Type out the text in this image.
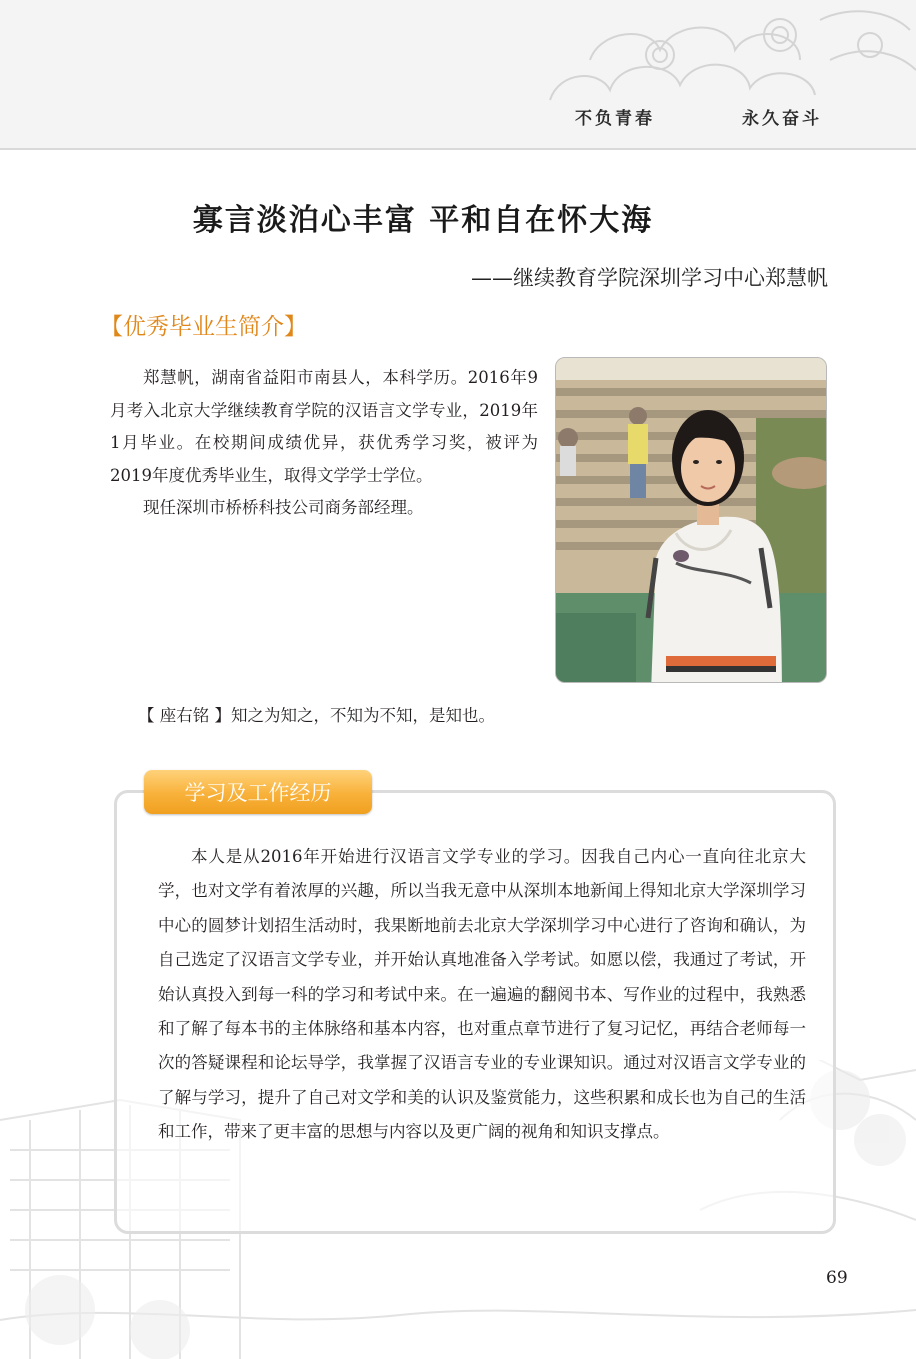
不负青春	永久奋斗
寡言淡泊心丰富 平和自在怀大海
——继续教育学院深圳学习中心郑慧帆
【优秀毕业生简介】

郑慧帆，湖南省益阳市南县人，本科学历。2016年9月考入北京大学继续教育学院的汉语言文学专业，2019年1月毕业。在校期间成绩优异，获优秀学习奖，被评为2019年度优秀毕业生，取得文学学士学位。

现任深圳市桥桥科技公司商务部经理。

【 座右铭 】知之为知之，不知为不知，是知也。
学习及工作经历

本人是从2016年开始进行汉语言文学专业的学习。因我自己内心一直向往北京大学，也对文学有着浓厚的兴趣，所以当我无意中从深圳本地新闻上得知北京大学深圳学习中心的圆梦计划招生活动时，我果断地前去北京大学深圳学习中心进行了咨询和确认，为自己选定了汉语言文学专业，并开始认真地准备入学考试。如愿以偿，我通过了考试，开始认真投入到每一科的学习和考试中来。在一遍遍的翻阅书本、写作业的过程中，我熟悉和了解了每本书的主体脉络和基本内容，也对重点章节进行了复习记忆，再结合老师每一次的答疑课程和论坛导学，我掌握了汉语言专业的专业课知识。通过对汉语言文学专业的了解与学习，提升了自己对文学和美的认识及鉴赏能力，这些积累和成长也为自己的生活和工作，带来了更丰富的思想与内容以及更广阔的视角和知识支撑点。

69
